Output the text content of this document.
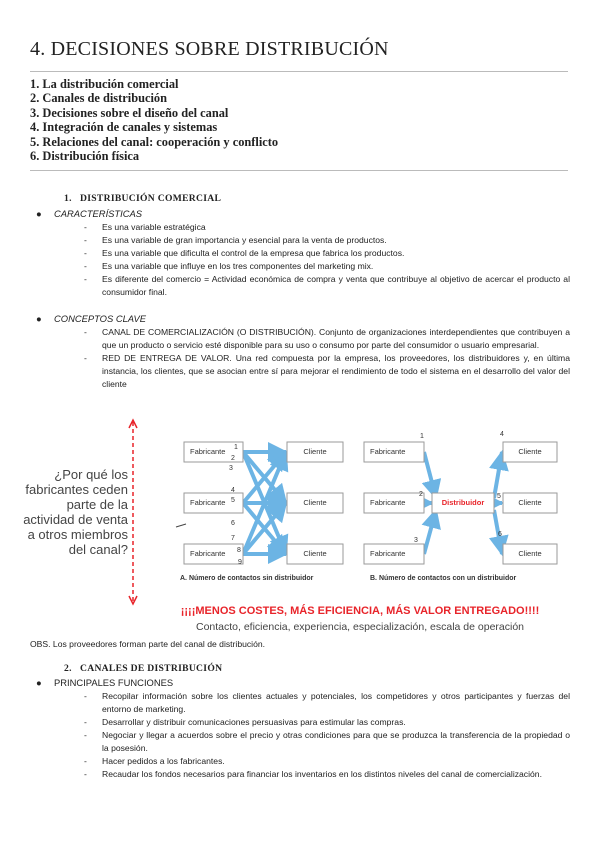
4. DECISIONES SOBRE DISTRIBUCIÓN
1. La distribución comercial
2. Canales de distribución
3. Decisiones sobre el diseño del canal
4. Integración de canales y sistemas
5. Relaciones del canal: cooperación y conflicto
6. Distribución física
1. DISTRIBUCIÓN COMERCIAL
● CARACTERÍSTICAS
- Es una variable estratégica
- Es una variable de gran importancia y esencial para la venta de productos.
- Es una variable que dificulta el control de la empresa que fabrica los productos.
- Es una variable que influye en los tres componentes del marketing mix.
- Es diferente del comercio = Actividad económica de compra y venta que contribuye al objetivo de acercar el producto al consumidor final.
● CONCEPTOS CLAVE
- CANAL DE COMERCIALIZACIÓN (O DISTRIBUCIÓN). Conjunto de organizaciones interdependientes que contribuyen a que un producto o servicio esté disponible para su uso o consumo por parte del consumidor o usuario empresarial.
- RED DE ENTREGA DE VALOR. Una red compuesta por la empresa, los proveedores, los distribuidores y, en última instancia, los clientes, que se asocian entre sí para mejorar el rendimiento de todo el sistema en el desarrollo del valor del cliente
¿Por qué los
fabricantes ceden
parte de la
actividad de venta
a otros miembros
del canal?
Fabricante
Fabricante
Fabricante
Cliente
Cliente
Cliente
1
2
3
4
5
6
7
8
9
A. Número de contactos sin distribuidor
Fabricante
Fabricante
Fabricante
Distribuidor
Cliente
Cliente
Cliente
1
2
3
4
5
6
B. Número de contactos con un distribuidor
¡¡¡¡MENOS COSTES, MÁS EFICIENCIA, MÁS VALOR ENTREGADO!!!!
Contacto, eficiencia, experiencia, especialización, escala de operación
OBS. Los proveedores forman parte del canal de distribución.
2. CANALES DE DISTRIBUCIÓN
● PRINCIPALES FUNCIONES
- Recopilar información sobre los clientes actuales y potenciales, los competidores y otros participantes y fuerzas del entorno de marketing.
- Desarrollar y distribuir comunicaciones persuasivas para estimular las compras.
- Negociar y llegar a acuerdos sobre el precio y otras condiciones para que se produzca la transferencia de la propiedad o la posesión.
- Hacer pedidos a los fabricantes.
- Recaudar los fondos necesarios para financiar los inventarios en los distintos niveles del canal de comercialización.
